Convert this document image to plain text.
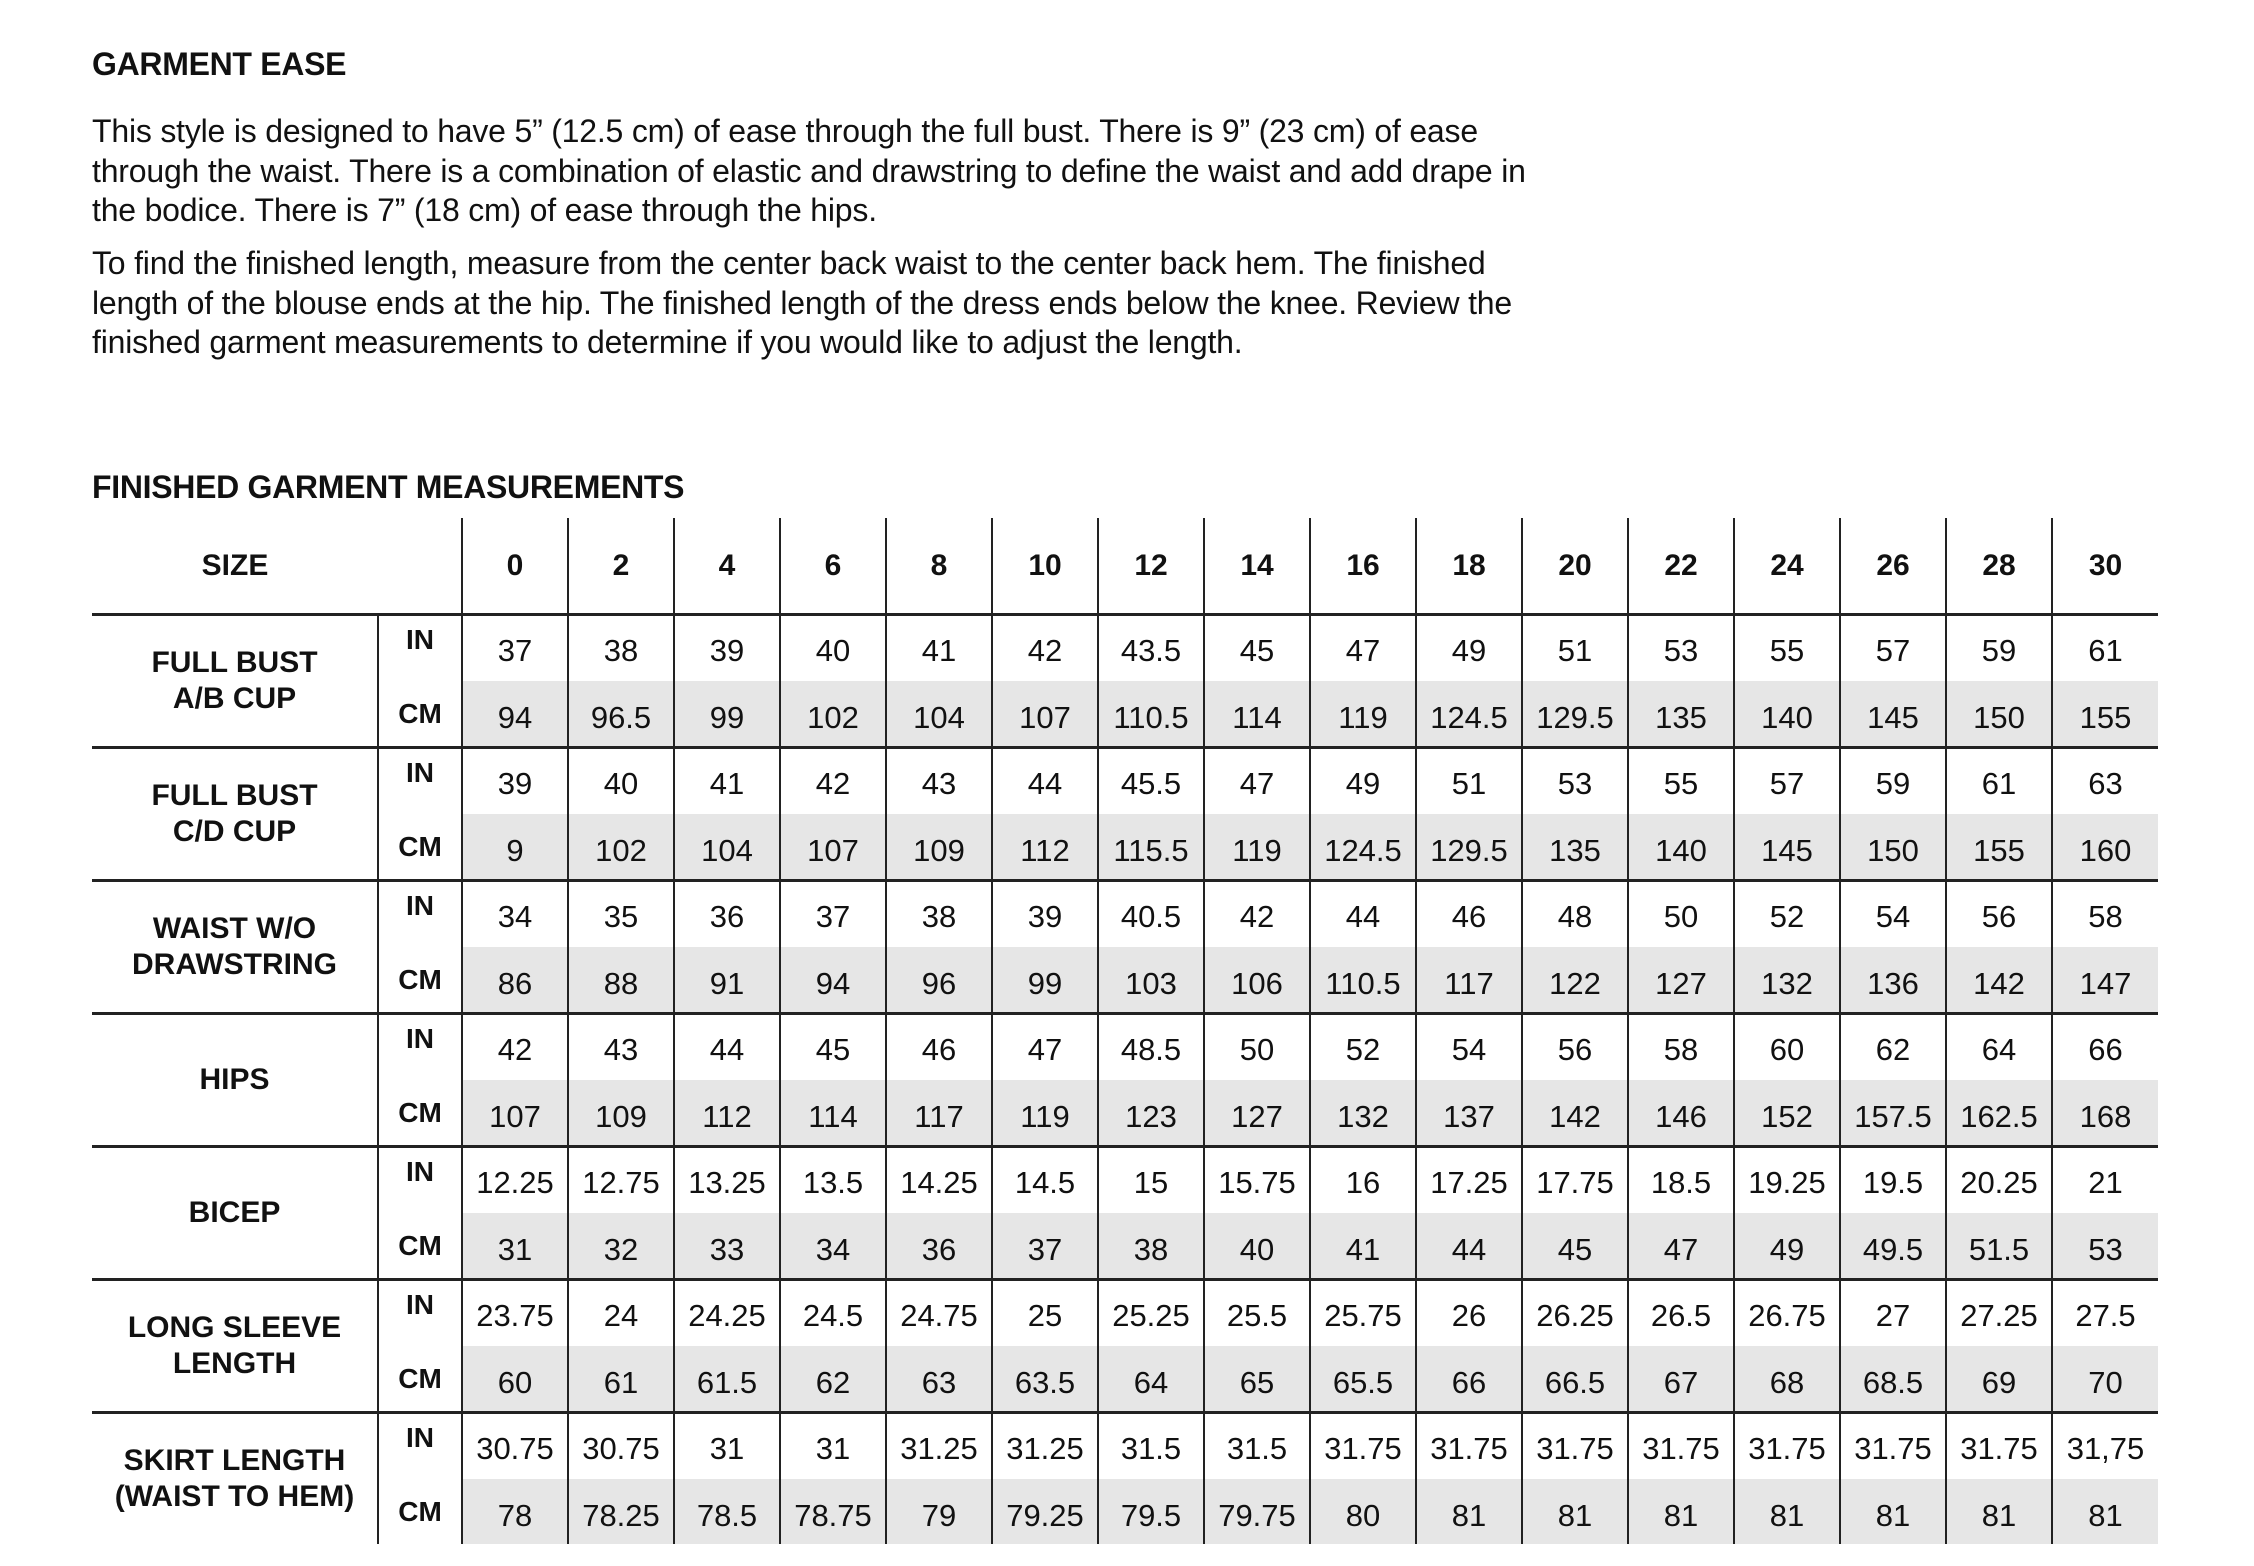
GARMENT EASE

This style is designed to have 5” (12.5 cm) of ease through the full bust. There is 9” (23 cm) of ease through the waist. There is a combination of elastic and drawstring to define the waist and add drape in the bodice. There is 7” (18 cm) of ease through the hips.

To find the finished length, measure from the center back waist to the center back hem. The finished length of the blouse ends at the hip. The finished length of the dress ends below the knee. Review the finished garment measurements to determine if you would like to adjust the length.

FINISHED GARMENT MEASUREMENTS
SIZE		0	2	4	6	8	10	12	14	16	18	20	22	24	26	28	30

FULL BUST
A/B CUP	IN	37	38	39	40	41	42	43.5	45	47	49	51	53	55	57	59	61
	CM	94	96.5	99	102	104	107	110.5	114	119	124.5	129.5	135	140	145	150	155

FULL BUST
C/D CUP	IN	39	40	41	42	43	44	45.5	47	49	51	53	55	57	59	61	63
	CM	9	102	104	107	109	112	115.5	119	124.5	129.5	135	140	145	150	155	160

WAIST W/O
DRAWSTRING	IN	34	35	36	37	38	39	40.5	42	44	46	48	50	52	54	56	58
	CM	86	88	91	94	96	99	103	106	110.5	117	122	127	132	136	142	147

HIPS	IN	42	43	44	45	46	47	48.5	50	52	54	56	58	60	62	64	66
	CM	107	109	112	114	117	119	123	127	132	137	142	146	152	157.5	162.5	168

BICEP	IN	12.25	12.75	13.25	13.5	14.25	14.5	15	15.75	16	17.25	17.75	18.5	19.25	19.5	20.25	21
	CM	31	32	33	34	36	37	38	40	41	44	45	47	49	49.5	51.5	53

LONG SLEEVE
LENGTH	IN	23.75	24	24.25	24.5	24.75	25	25.25	25.5	25.75	26	26.25	26.5	26.75	27	27.25	27.5
	CM	60	61	61.5	62	63	63.5	64	65	65.5	66	66.5	67	68	68.5	69	70

SKIRT LENGTH
(WAIST TO HEM)	IN	30.75	30.75	31	31	31.25	31.25	31.5	31.5	31.75	31.75	31.75	31.75	31.75	31.75	31.75	31,75
	CM	78	78.25	78.5	78.75	79	79.25	79.5	79.75	80	81	81	81	81	81	81	81
